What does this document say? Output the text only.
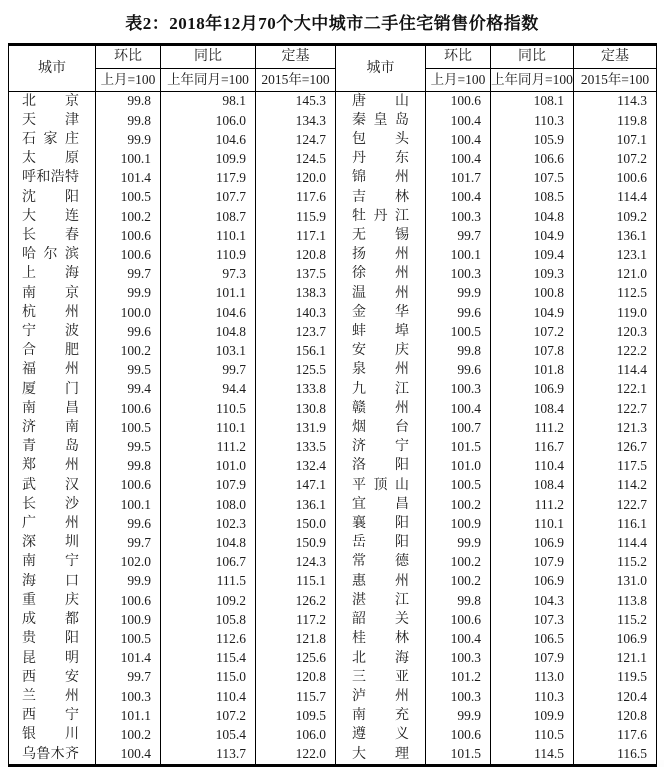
表2：2018年12月70个大中城市二手住宅销售价格指数
城市	环比	同比	定基	城市	环比	同比	定基
	上月=100	上年同月=100	2015年=100		上月=100	上年同月=100	2015年=100
北京	99.8	98.1	145.3	唐山	100.6	108.1	114.3
天津	99.8	106.0	134.3	秦皇岛	100.4	110.3	119.8
石家庄	99.9	104.6	124.7	包头	100.4	105.9	107.1
太原	100.1	109.9	124.5	丹东	100.4	106.6	107.2
呼和浩特	101.4	117.9	120.0	锦州	101.7	107.5	100.6
沈阳	100.5	107.7	117.6	吉林	100.4	108.5	114.4
大连	100.2	108.7	115.9	牡丹江	100.3	104.8	109.2
长春	100.6	110.1	117.1	无锡	99.7	104.9	136.1
哈尔滨	100.6	110.9	120.8	扬州	100.1	109.4	123.1
上海	99.7	97.3	137.5	徐州	100.3	109.3	121.0
南京	99.9	101.1	138.3	温州	99.9	100.8	112.5
杭州	100.0	104.6	140.3	金华	99.6	104.9	119.0
宁波	99.6	104.8	123.7	蚌埠	100.5	107.2	120.3
合肥	100.2	103.1	156.1	安庆	99.8	107.8	122.2
福州	99.5	99.7	125.5	泉州	99.6	101.8	114.4
厦门	99.4	94.4	133.8	九江	100.3	106.9	122.1
南昌	100.6	110.5	130.8	赣州	100.4	108.4	122.7
济南	100.5	110.1	131.9	烟台	100.7	111.2	121.3
青岛	99.5	111.2	133.5	济宁	101.5	116.7	126.7
郑州	99.8	101.0	132.4	洛阳	101.0	110.4	117.5
武汉	100.6	107.9	147.1	平顶山	100.5	108.4	114.2
长沙	100.1	108.0	136.1	宜昌	100.2	111.2	122.7
广州	99.6	102.3	150.0	襄阳	100.9	110.1	116.1
深圳	99.7	104.8	150.9	岳阳	99.9	106.9	114.4
南宁	102.0	106.7	124.3	常德	100.2	107.9	115.2
海口	99.9	111.5	115.1	惠州	100.2	106.9	131.0
重庆	100.6	109.2	126.2	湛江	99.8	104.3	113.8
成都	100.9	105.8	117.2	韶关	100.6	107.3	115.2
贵阳	100.5	112.6	121.8	桂林	100.4	106.5	106.9
昆明	101.4	115.4	125.6	北海	100.3	107.9	121.1
西安	99.7	115.0	120.8	三亚	101.2	113.0	119.5
兰州	100.3	110.4	115.7	泸州	100.3	110.3	120.4
西宁	101.1	107.2	109.5	南充	99.9	109.9	120.8
银川	100.2	105.4	106.0	遵义	100.6	110.5	117.6
乌鲁木齐	100.4	113.7	122.0	大理	101.5	114.5	116.5
